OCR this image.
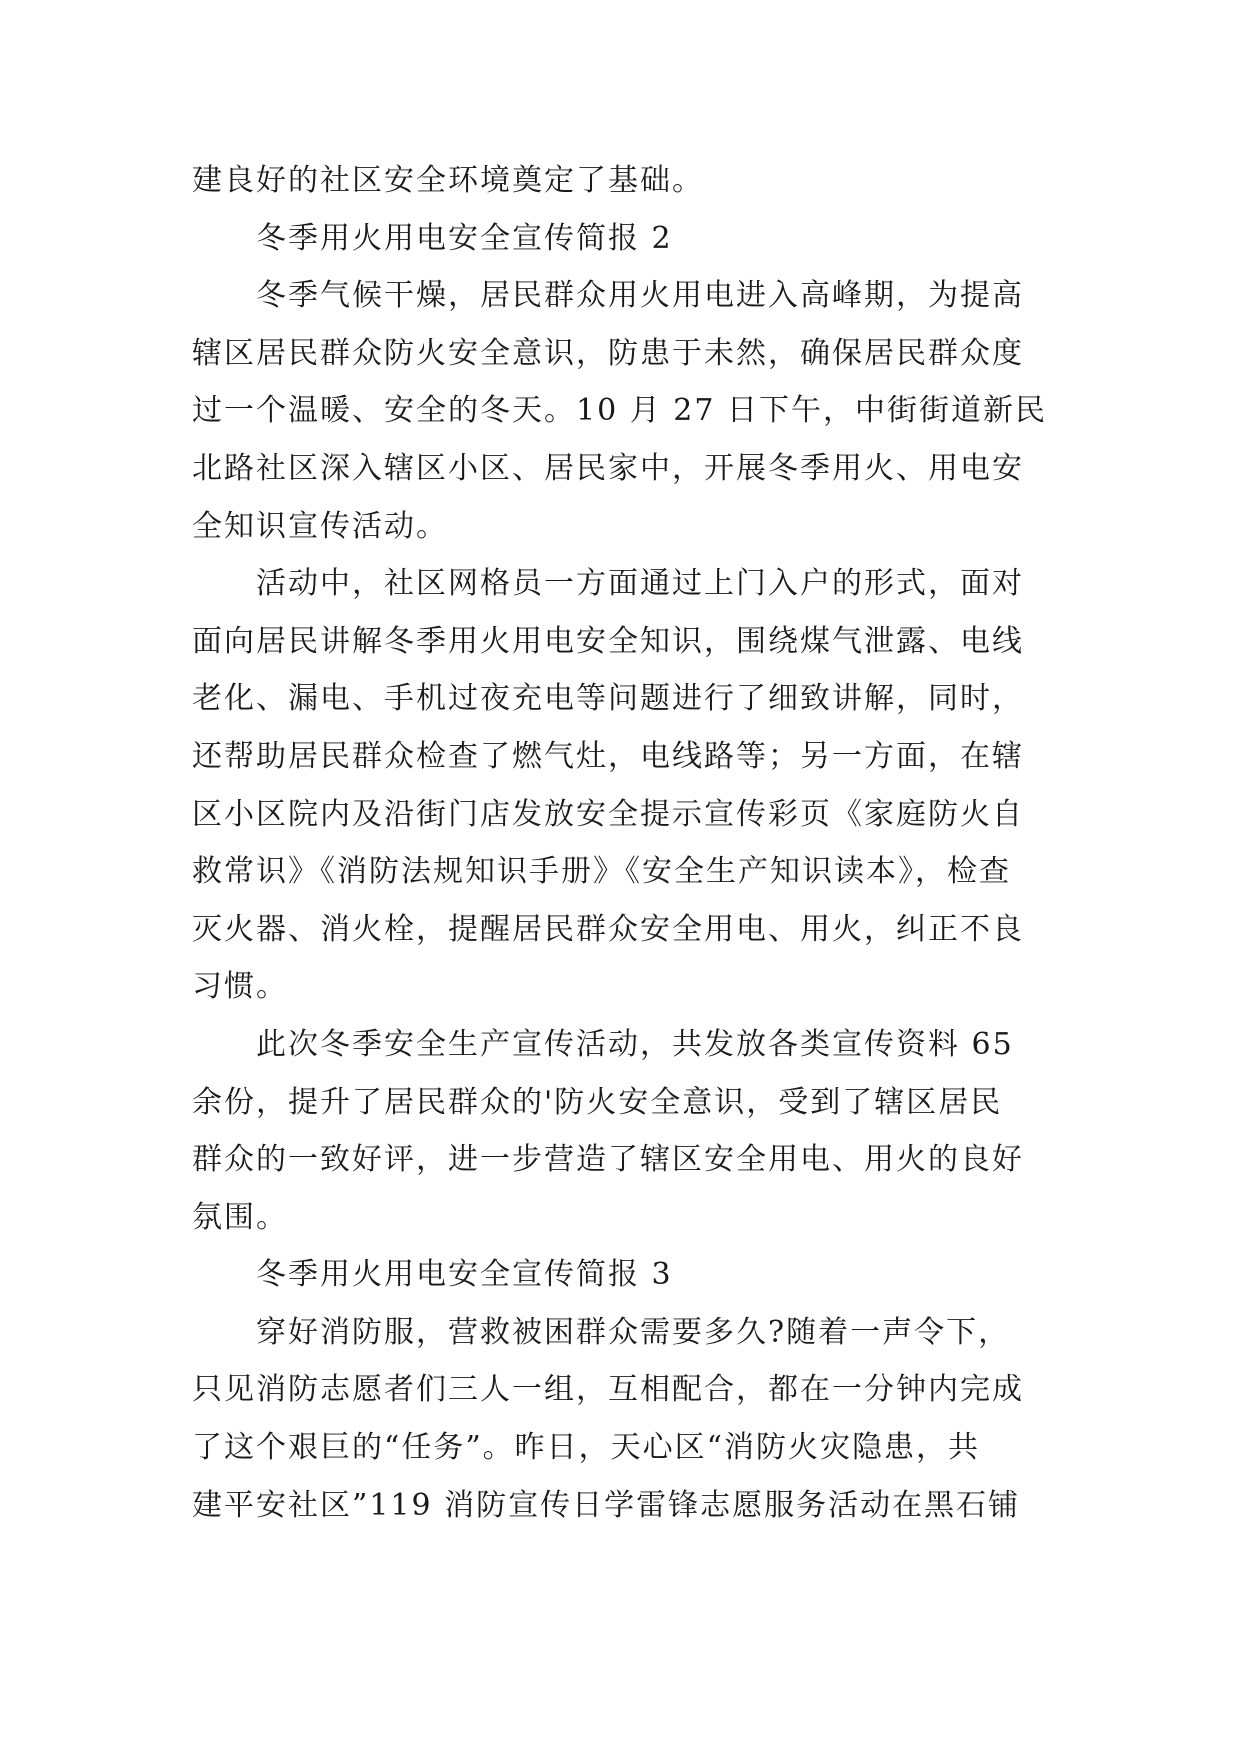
建良好的社区安全环境奠定了基础。
冬季用火用电安全宣传简报 2
冬季气候干燥，居民群众用火用电进入高峰期，为提高
辖区居民群众防火安全意识，防患于未然，确保居民群众度
过一个温暖、安全的冬天。10 月 27 日下午，中街街道新民
北路社区深入辖区小区、居民家中，开展冬季用火、用电安
全知识宣传活动。
活动中，社区网格员一方面通过上门入户的形式，面对
面向居民讲解冬季用火用电安全知识，围绕煤气泄露、电线
老化、漏电、手机过夜充电等问题进行了细致讲解，同时，
还帮助居民群众检查了燃气灶，电线路等；另一方面，在辖
区小区院内及沿街门店发放安全提示宣传彩页《家庭防火自
救常识》《消防法规知识手册》《安全生产知识读本》，检查
灭火器、消火栓，提醒居民群众安全用电、用火，纠正不良
习惯。
此次冬季安全生产宣传活动，共发放各类宣传资料 65
余份，提升了居民群众的'防火安全意识，受到了辖区居民
群众的一致好评，进一步营造了辖区安全用电、用火的良好
氛围。
冬季用火用电安全宣传简报 3
穿好消防服，营救被困群众需要多久?随着一声令下，
只见消防志愿者们三人一组，互相配合，都在一分钟内完成
了这个艰巨的“任务”。昨日，天心区“消防火灾隐患，共
建平安社区”119 消防宣传日学雷锋志愿服务活动在黑石铺
